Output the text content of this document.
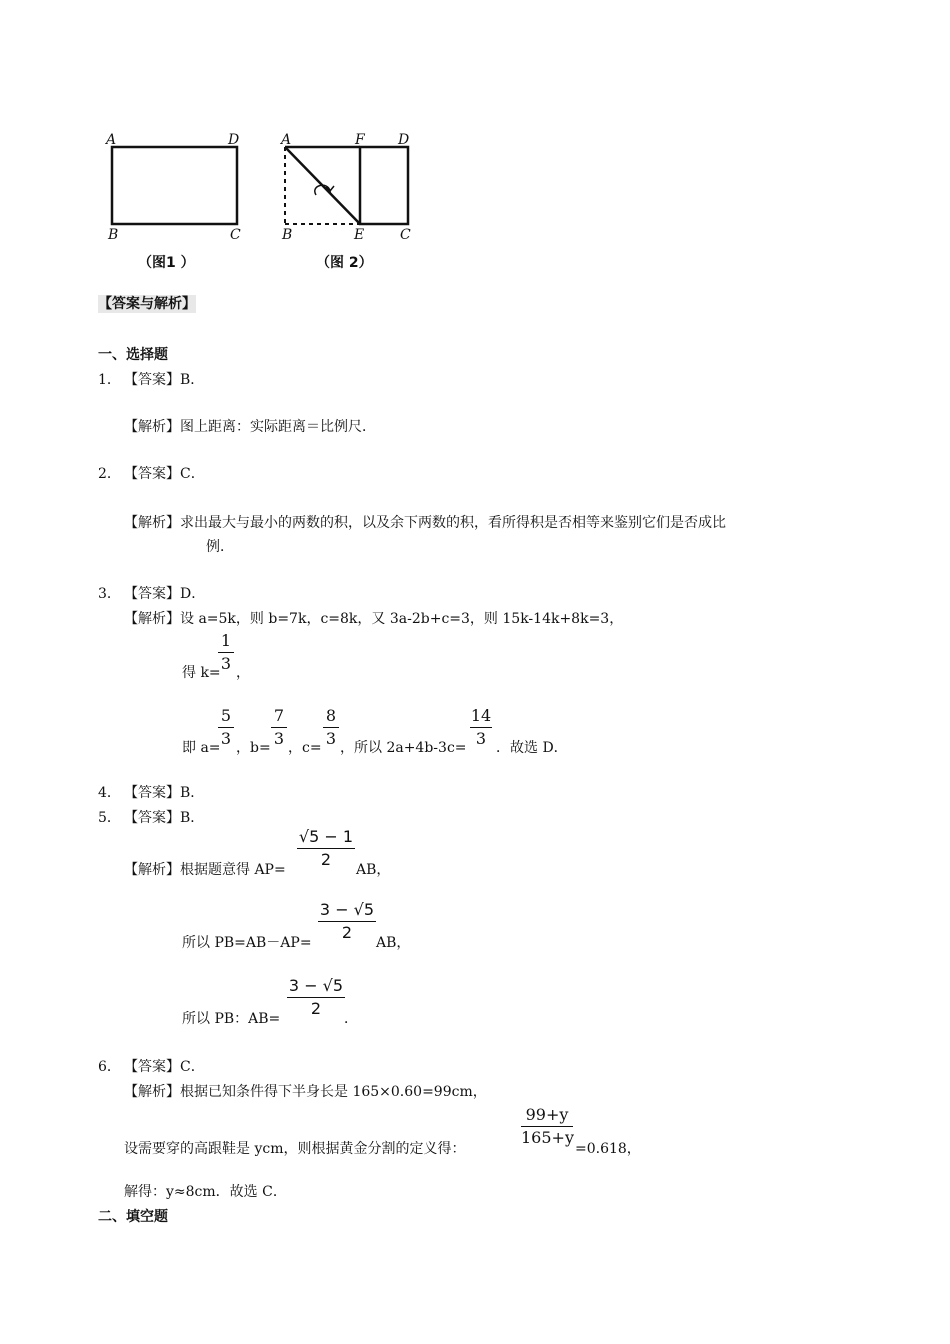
A	D
B	C
（图1 ）
A	F D
B	E	C
（图 2）
【答案与解析】
一、选择题
1． 【答案】B．
【解析】图上距离：实际距离＝比例尺．
2． 【答案】C．
【解析】求出最大与最小的两数的积，以及余下两数的积，看所得积是否相等来鉴别它们是否成比
例．
3． 【答案】D．
【解析】设 a=5k，则 b=7k，c=8k，又 3a-2b+c=3，则 15k-14k+8k=3，
得 k=
1
3 ，
即 a=
5
3 ，b=
7
3 ，c=
8
3 ，所以 2a+4b-3c=
14
3 ．故选 D．
4． 【答案】B．
5． 【答案】B．
【解析】根据题意得 AP=
√5 − 1
2
AB，
所以 PB=AB－AP=
3 − √5
2
AB，
所以 PB：AB=
3 − √5
2
．
6． 【答案】C．
【解析】根据已知条件得下半身长是 165×0.60=99cm，
设需要穿的高跟鞋是 ycm，则根据黄金分割的定义得：
99+y
165+y
=0.618，
解得：y≈8cm．故选 C．
二、填空题
